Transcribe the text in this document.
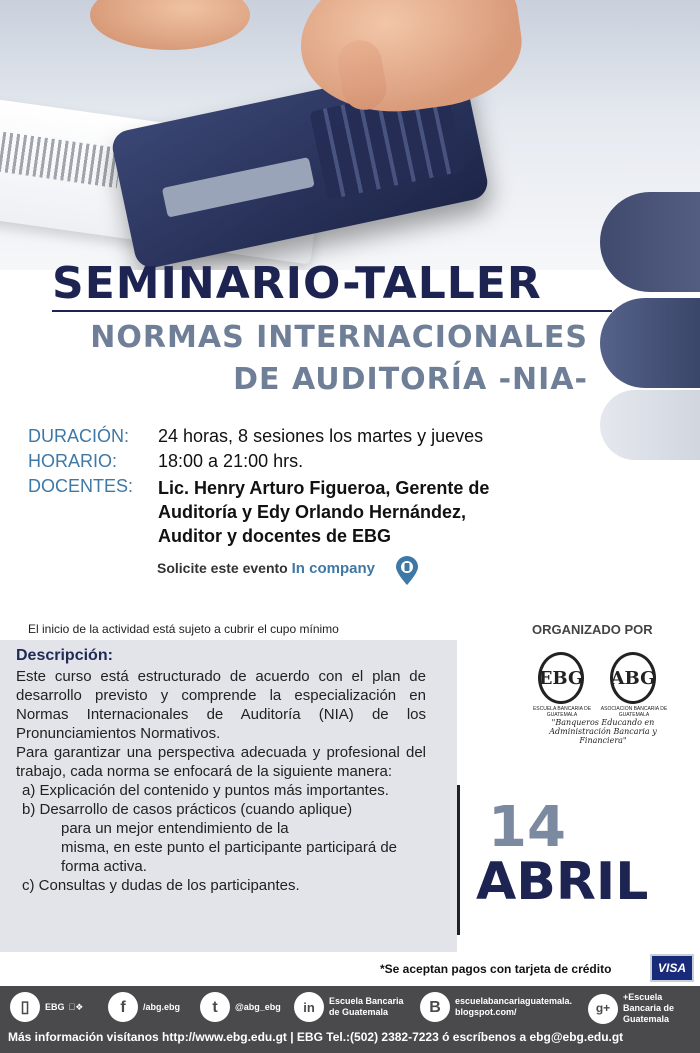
SEMINARIO-TALLER
NORMAS INTERNACIONALES
DE AUDITORÍA -NIA-
DURACIÓN:	24 horas, 8 sesiones los martes y jueves
HORARIO:	18:00 a 21:00 hrs.
DOCENTES:	Lic. Henry Arturo Figueroa, Gerente de Auditoría y Edy Orlando Hernández, Auditor y docentes de EBG
Solicite este evento In company
El inicio de la actividad está sujeto a cubrir el cupo mínimo	ORGANIZADO POR
Descripción:

Este curso está estructurado de acuerdo con el plan de desarrollo previsto y comprende la especialización en Normas Internacionales de Auditoría (NIA) de los Pronunciamientos Normativos.

Para garantizar una perspectiva adecuada y profesional del trabajo, cada norma se enfocará de la siguiente manera:

a) Explicación del contenido y puntos más importantes.
b) Desarrollo de casos prácticos (cuando aplique)
para un mejor entendimiento de la
misma, en este punto el participante participará de forma activa.
c) Consultas y dudas de los participantes.
EBG ABG
ESCUELA BANCARIA DE GUATEMALA
ASOCIACION BANCARIA DE GUATEMALA
"Banqueros Educando en Administración Bancaria y Financiera"
14
ABRIL
*Se aceptan pagos con tarjeta de crédito	VISA
▯	EBG ❖	f	/abg.ebg	t	@abg_ebg	in	Escuela Bancaria de Guatemala	B	escuelabancariaguatemala. blogspot.com/	g+
+Escuela Bancaria de Guatemala
Más información visítanos http://www.ebg.edu.gt | EBG Tel.:(502) 2382-7223 ó escríbenos a ebg@ebg.edu.gt
